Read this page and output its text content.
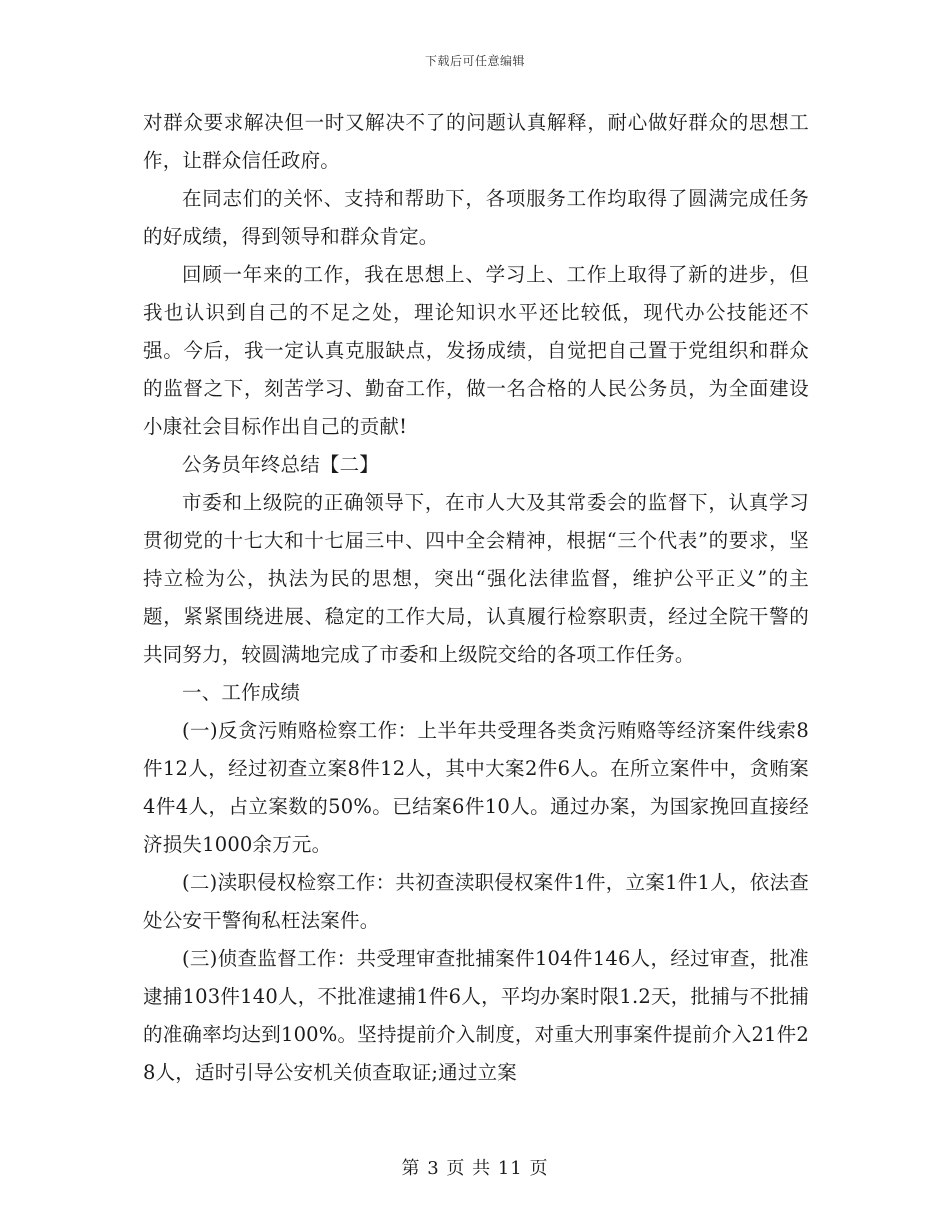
下载后可任意编辑

对群众要求解决但一时又解决不了的问题认真解释，耐心做好群众的思想工作，让群众信任政府。

在同志们的关怀、支持和帮助下，各项服务工作均取得了圆满完成任务的好成绩，得到领导和群众肯定。

回顾一年来的工作，我在思想上、学习上、工作上取得了新的进步，但我也认识到自己的不足之处，理论知识水平还比较低，现代办公技能还不强。今后，我一定认真克服缺点，发扬成绩，自觉把自己置于党组织和群众的监督之下，刻苦学习、勤奋工作，做一名合格的人民公务员，为全面建设小康社会目标作出自己的贡献!

公务员年终总结【二】

市委和上级院的正确领导下，在市人大及其常委会的监督下，认真学习贯彻党的十七大和十七届三中、四中全会精神，根据“三个代表”的要求，坚持立检为公，执法为民的思想，突出“强化法律监督，维护公平正义”的主题，紧紧围绕进展、稳定的工作大局，认真履行检察职责，经过全院干警的共同努力，较圆满地完成了市委和上级院交给的各项工作任务。

一、工作成绩

(一)反贪污贿赂检察工作：上半年共受理各类贪污贿赂等经济案件线索8件12人，经过初查立案8件12人，其中大案2件6人。在所立案件中，贪贿案4件4人，占立案数的50%。已结案6件10人。通过办案，为国家挽回直接经济损失1000余万元。

(二)渎职侵权检察工作：共初查渎职侵权案件1件，立案1件1人，依法查处公安干警徇私枉法案件。

(三)侦查监督工作：共受理审查批捕案件104件146人，经过审查，批准逮捕103件140人，不批准逮捕1件6人，平均办案时限1.2天，批捕与不批捕的准确率均达到100%。坚持提前介入制度，对重大刑事案件提前介入21件28人，适时引导公安机关侦查取证;通过立案

第 3 页 共 11 页
